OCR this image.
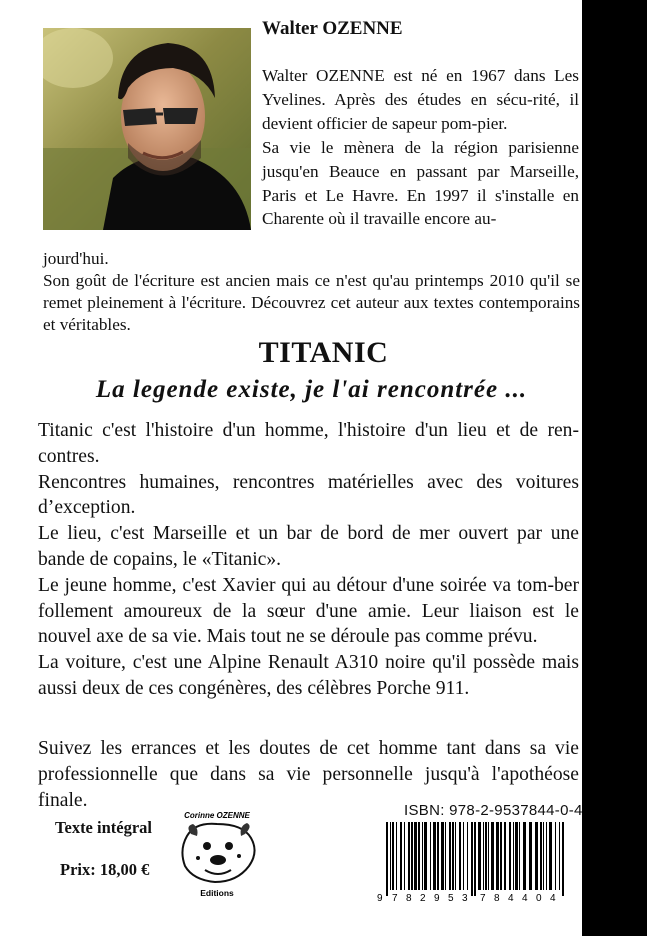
Walter OZENNE

Walter OZENNE est né en 1967 dans Les Yvelines. Après des études en sécu-rité, il devient officier de sapeur pom-pier.

Sa vie le mènera de la région parisienne jusqu'en Beauce en passant par Marseille, Paris et Le Havre. En 1997 il s'installe en Charente où il travaille encore au-

jourd'hui.

Son goût de l'écriture est ancien mais ce n'est qu'au printemps 2010 qu'il se remet pleinement à l'écriture. Découvrez cet auteur aux textes contemporains et véritables.

TITANIC
La legende existe, je l'ai rencontrée ...

Titanic c'est l'histoire d'un homme, l'histoire d'un lieu et de ren-contres.

Rencontres humaines, rencontres matérielles avec des voitures d’exception.

Le lieu, c'est Marseille et un bar de bord de mer ouvert par une bande de copains, le «Titanic».

Le jeune homme, c'est Xavier qui au détour d'une soirée va tom-ber follement amoureux de la sœur d'une amie. Leur liaison est le nouvel axe de sa vie. Mais tout ne se déroule pas comme prévu.

La voiture, c'est une Alpine Renault A310 noire qu'il possède mais aussi deux de ces congénères, des célèbres Porche 911.

Suivez les errances et les doutes de cet homme tant dans sa vie professionnelle que dans sa vie personnelle jusqu'à l'apothéose finale.

Texte intégral
Prix: 18,00 €
Corinne OZENNE
Editions
ISBN: 978-2-9537844-0-4
9 7 8 2 9 5 3 7 8 4 4 0 4
